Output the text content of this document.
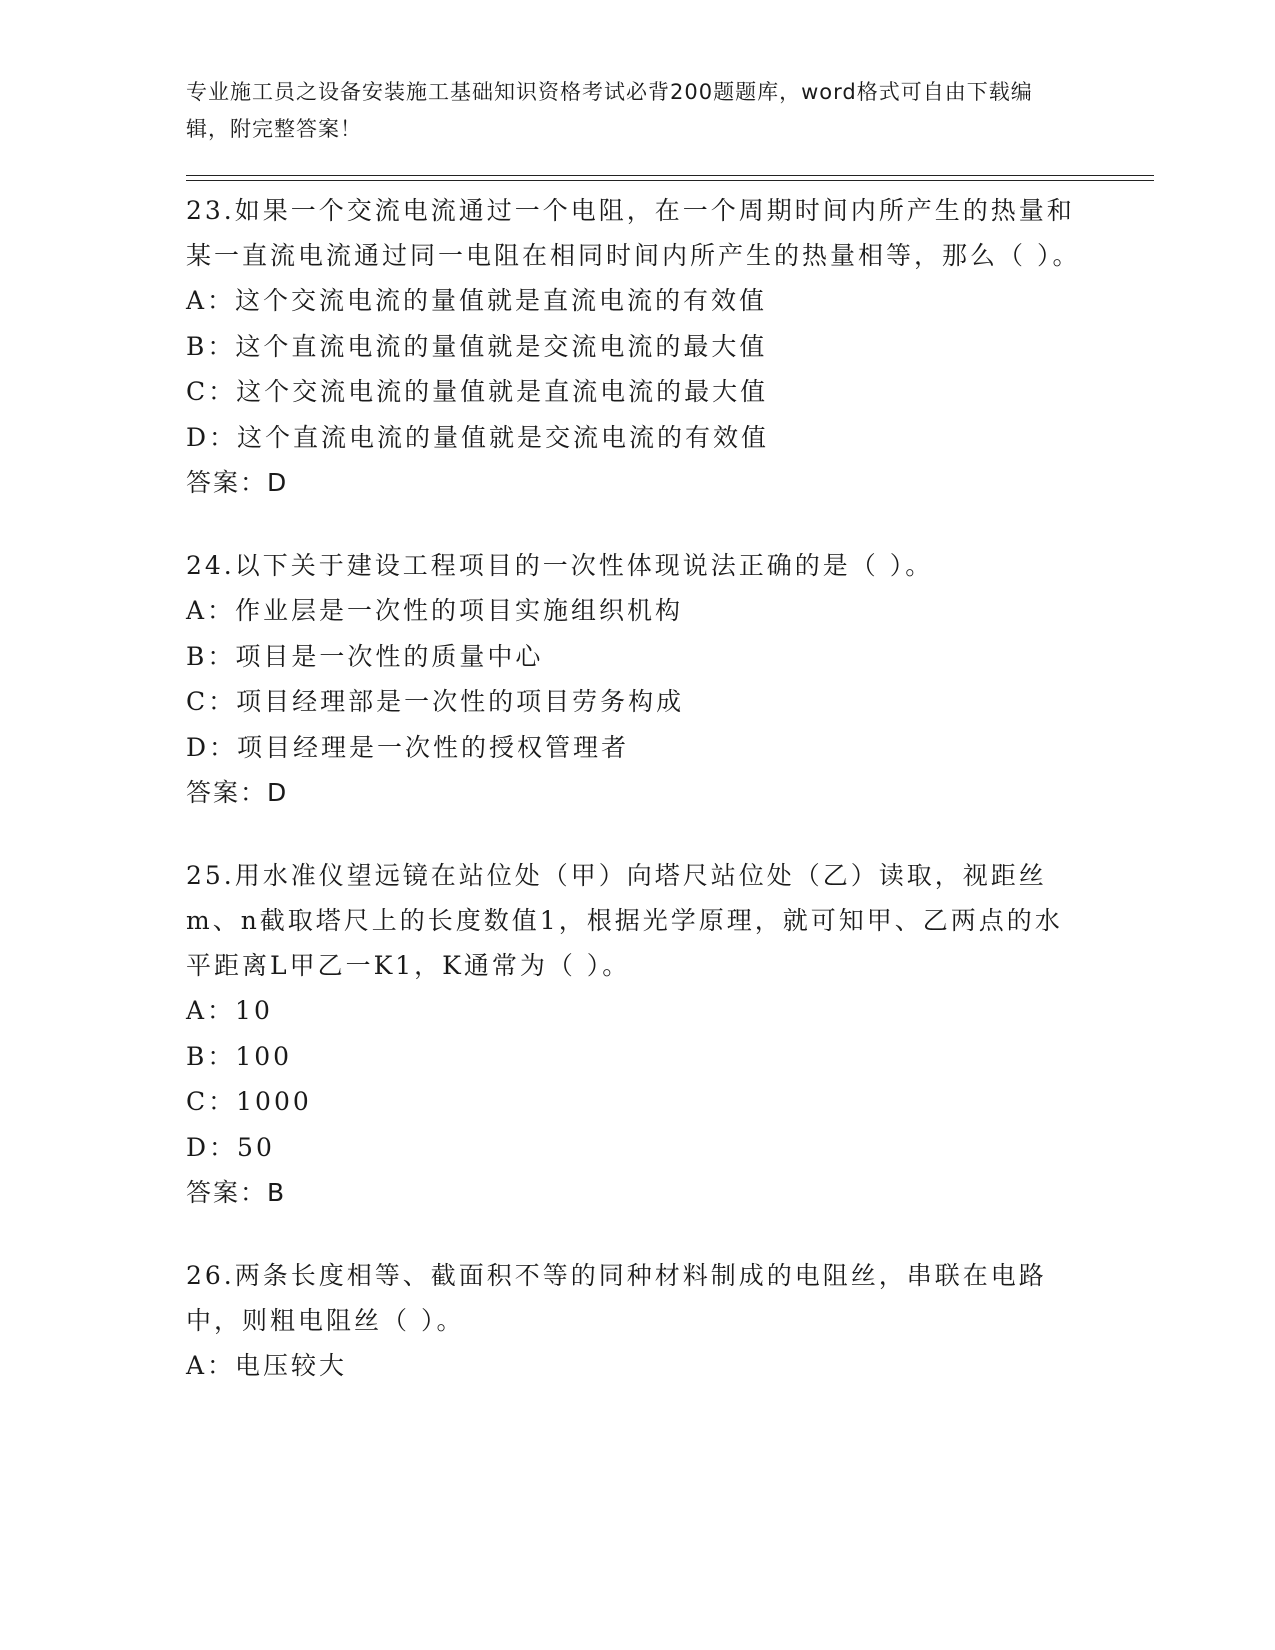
专业施工员之设备安装施工基础知识资格考试必背200题题库，word格式可自由下载编辑，附完整答案！
23.如果一个交流电流通过一个电阻，在一个周期时间内所产生的热量和某一直流电流通过同一电阻在相同时间内所产生的热量相等，那么（ ）。
A：这个交流电流的量值就是直流电流的有效值
B：这个直流电流的量值就是交流电流的最大值
C：这个交流电流的量值就是直流电流的最大值
D：这个直流电流的量值就是交流电流的有效值
答案：D
24.以下关于建设工程项目的一次性体现说法正确的是（ ）。
A：作业层是一次性的项目实施组织机构
B：项目是一次性的质量中心
C：项目经理部是一次性的项目劳务构成
D：项目经理是一次性的授权管理者
答案：D
25.用水准仪望远镜在站位处（甲）向塔尺站位处（乙）读取，视距丝m、n截取塔尺上的长度数值1，根据光学原理，就可知甲、乙两点的水平距离L甲乙一K1，K通常为（ ）。
A：10
B：100
C：1000
D：50
答案：B
26.两条长度相等、截面积不等的同种材料制成的电阻丝，串联在电路中，则粗电阻丝（ ）。
A：电压较大
